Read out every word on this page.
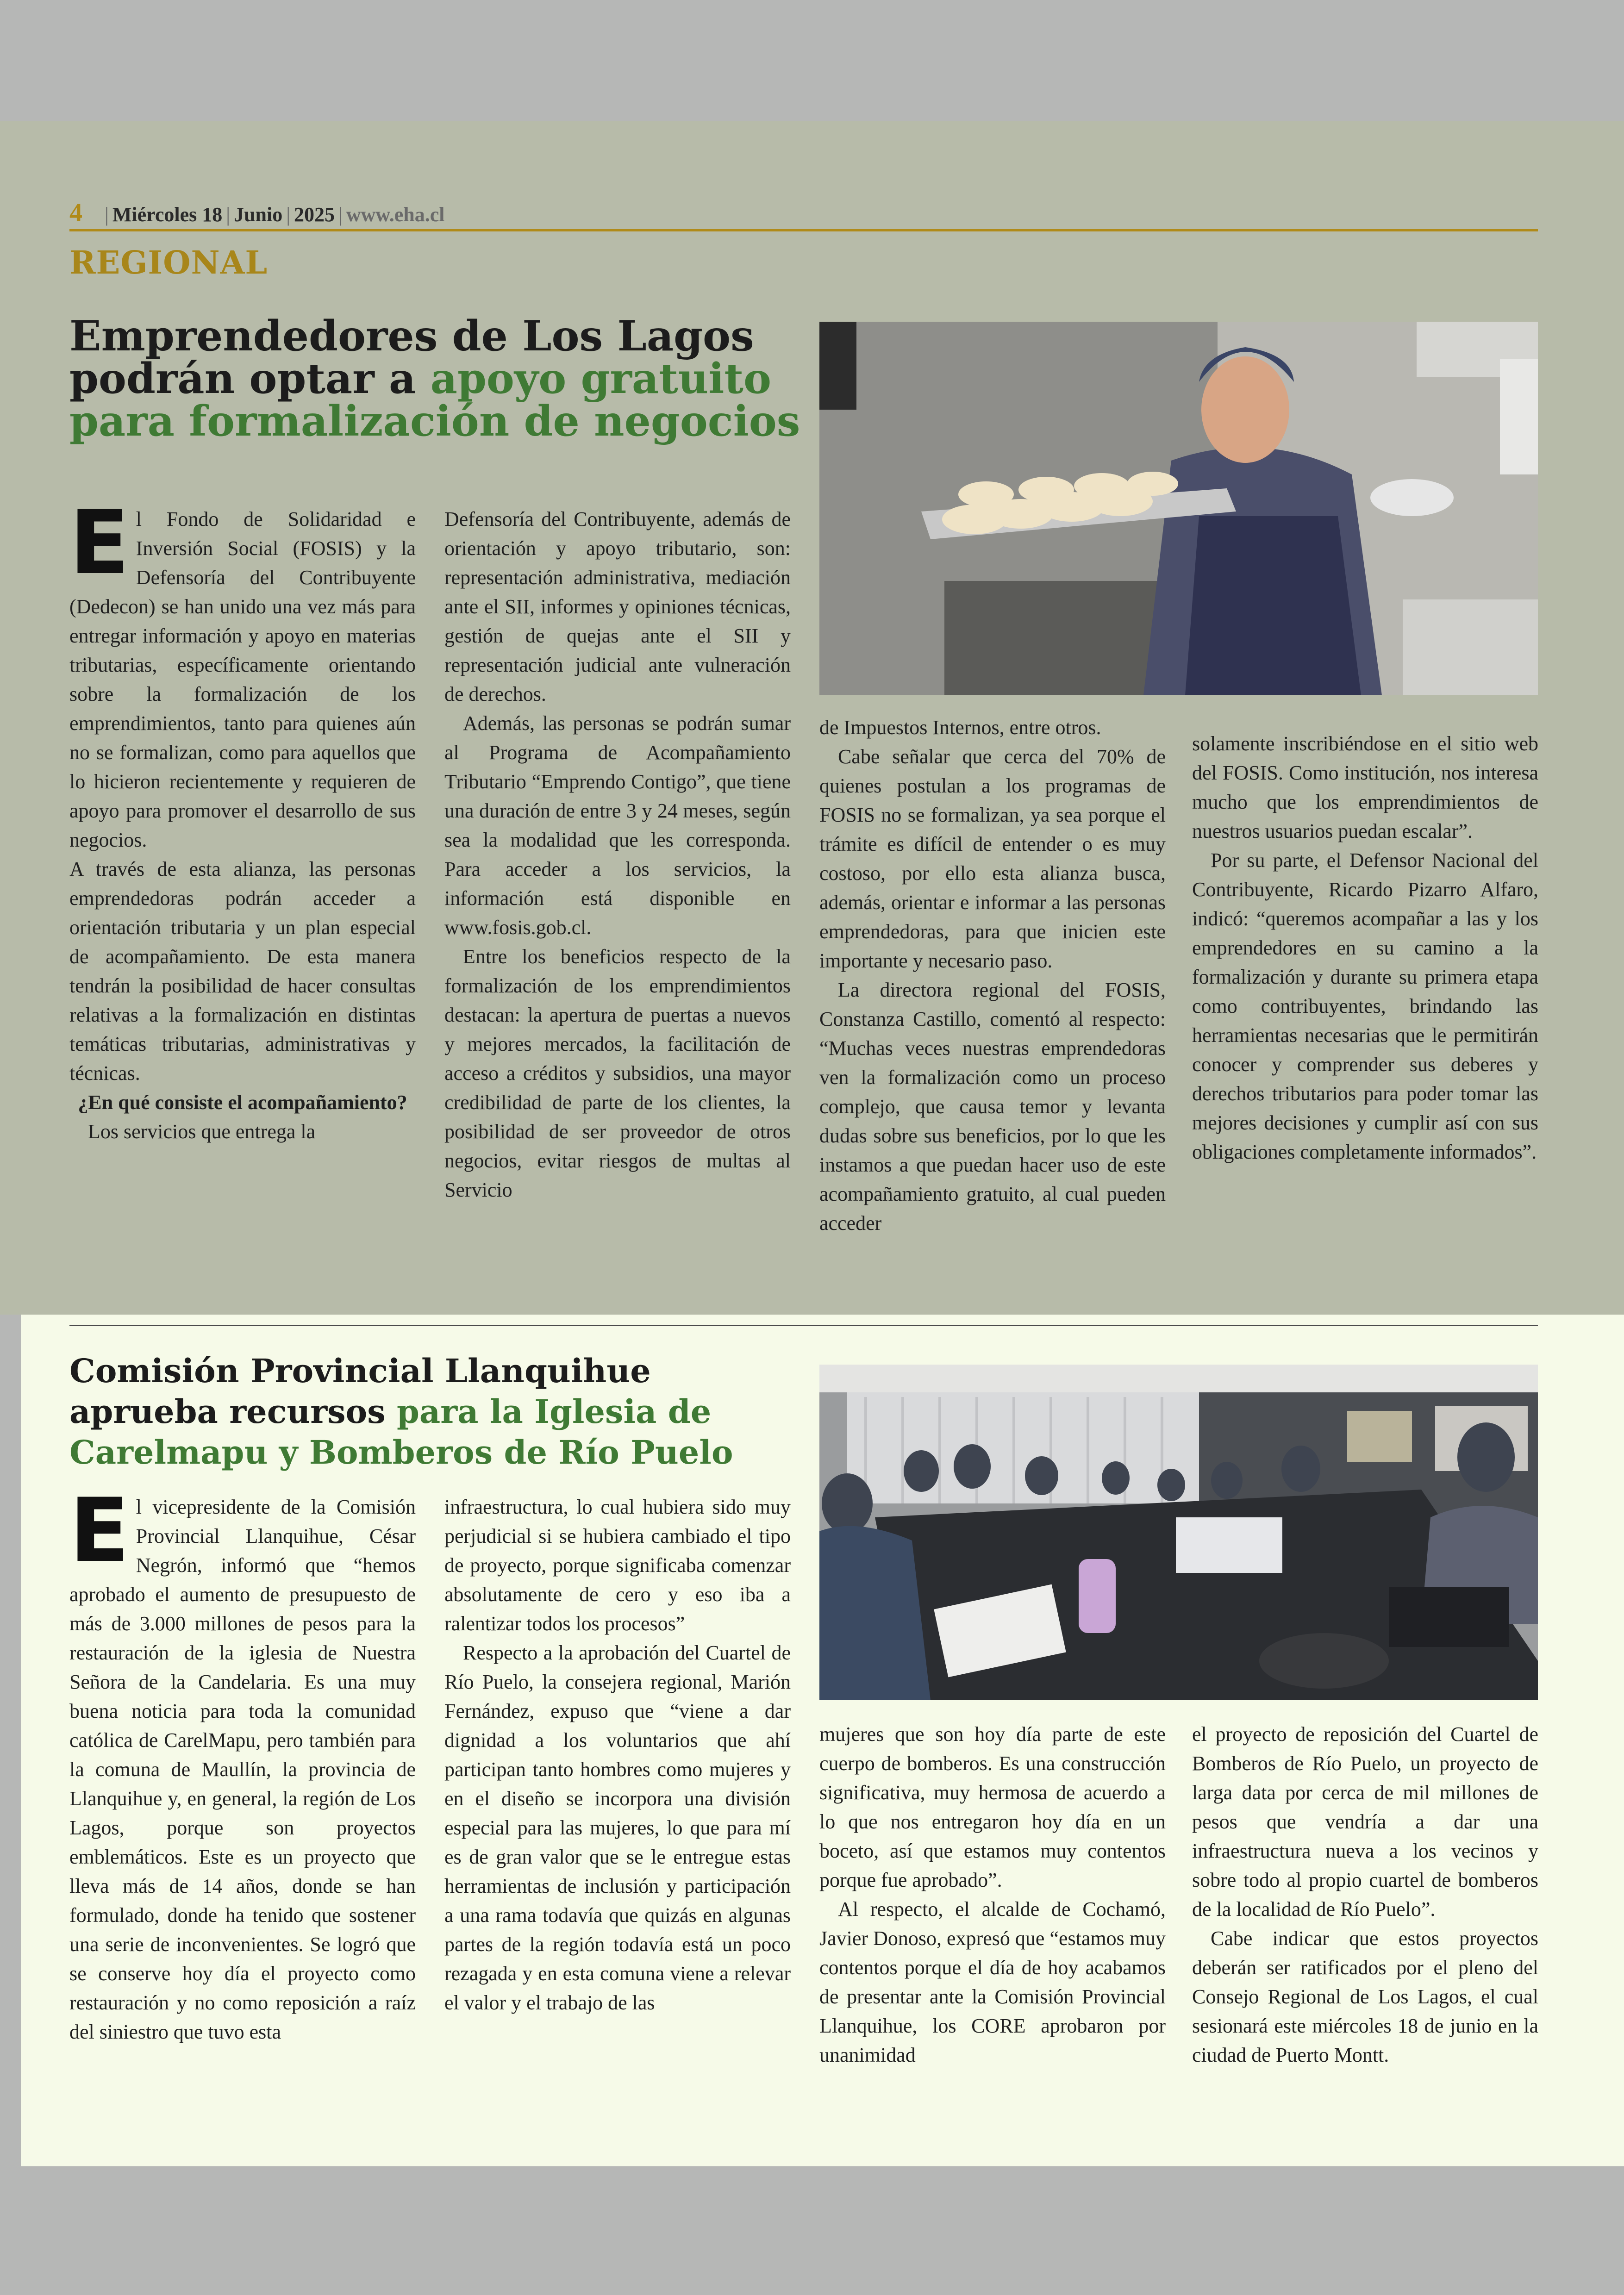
4 | Miércoles 18 | Junio | 2025 | www.eha.cl
REGIONAL
Emprendedores de Los Lagos podrán optar a apoyo gratuito para formalización de negocios

El Fondo de Solidaridad e Inversión Social (FOSIS) y la Defensoría del Contribuyente (Dedecon) se han unido una vez más para entregar información y apoyo en materias tributarias, específicamente orientando sobre la formalización de los emprendimientos, tanto para quienes aún no se formalizan, como para aquellos que lo hicieron recientemente y requieren de apoyo para promover el desarrollo de sus negocios.

A través de esta alianza, las personas emprendedoras podrán acceder a orientación tributaria y un plan especial de acompañamiento. De esta manera tendrán la posibilidad de hacer consultas relativas a la formalización en distintas temáticas tributarias, administrativas y técnicas.

¿En qué consiste el acompañamiento?

Los servicios que entrega la

Defensoría del Contribuyente, además de orientación y apoyo tributario, son: representación administrativa, mediación ante el SII, informes y opiniones técnicas, gestión de quejas ante el SII y representación judicial ante vulneración de derechos.

Además, las personas se podrán sumar al Programa de Acompañamiento Tributario “Emprendo Contigo”, que tiene una duración de entre 3 y 24 meses, según sea la modalidad que les corresponda. Para acceder a los servicios, la información está disponible en www.fosis.gob.cl.

Entre los beneficios respecto de la formalización de los emprendimientos destacan: la apertura de puertas a nuevos y mejores mercados, la facilitación de acceso a créditos y subsidios, una mayor credibilidad de parte de los clientes, la posibilidad de ser proveedor de otros negocios, evitar riesgos de multas al Servicio

de Impuestos Internos, entre otros.

Cabe señalar que cerca del 70% de quienes postulan a los programas de FOSIS no se formalizan, ya sea porque el trámite es difícil de entender o es muy costoso, por ello esta alianza busca, además, orientar e informar a las personas emprendedoras, para que inicien este importante y necesario paso.

La directora regional del FOSIS, Constanza Castillo, comentó al respecto: “Muchas veces nuestras emprendedoras ven la formalización como un proceso complejo, que causa temor y levanta dudas sobre sus beneficios, por lo que les instamos a que puedan hacer uso de este acompañamiento gratuito, al cual pueden acceder

solamente inscribiéndose en el sitio web del FOSIS. Como institución, nos interesa mucho que los emprendimientos de nuestros usuarios puedan escalar”.

Por su parte, el Defensor Nacional del Contribuyente, Ricardo Pizarro Alfaro, indicó: “queremos acompañar a las y los emprendedores en su camino a la formalización y durante su primera etapa como contribuyentes, brindando las herramientas necesarias que le permitirán conocer y comprender sus deberes y derechos tributarios para poder tomar las mejores decisiones y cumplir así con sus obligaciones completamente informados”.

Comisión Provincial Llanquihue aprueba recursos para la Iglesia de Carelmapu y Bomberos de Río Puelo

El vicepresidente de la Comisión Provincial Llanquihue, César Negrón, informó que “hemos aprobado el aumento de presupuesto de más de 3.000 millones de pesos para la restauración de la iglesia de Nuestra Señora de la Candelaria. Es una muy buena noticia para toda la comunidad católica de CarelMapu, pero también para la comuna de Maullín, la provincia de Llanquihue y, en general, la región de Los Lagos, porque son proyectos emblemáticos. Este es un proyecto que lleva más de 14 años, donde se han formulado, donde ha tenido que sostener una serie de inconvenientes. Se logró que se conserve hoy día el proyecto como restauración y no como reposición a raíz del siniestro que tuvo esta

infraestructura, lo cual hubiera sido muy perjudicial si se hubiera cambiado el tipo de proyecto, porque significaba comenzar absolutamente de cero y eso iba a ralentizar todos los procesos”

Respecto a la aprobación del Cuartel de Río Puelo, la consejera regional, Marión Fernández, expuso que “viene a dar dignidad a los voluntarios que ahí participan tanto hombres como mujeres y en el diseño se incorpora una división especial para las mujeres, lo que para mí es de gran valor que se le entregue estas herramientas de inclusión y participación a una rama todavía que quizás en algunas partes de la región todavía está un poco rezagada y en esta comuna viene a relevar el valor y el trabajo de las

mujeres que son hoy día parte de este cuerpo de bomberos. Es una construcción significativa, muy hermosa de acuerdo a lo que nos entregaron hoy día en un boceto, así que estamos muy contentos porque fue aprobado”.

Al respecto, el alcalde de Cochamó, Javier Donoso, expresó que “estamos muy contentos porque el día de hoy acabamos de presentar ante la Comisión Provincial Llanquihue, los CORE aprobaron por unanimidad

el proyecto de reposición del Cuartel de Bomberos de Río Puelo, un proyecto de larga data por cerca de mil millones de pesos que vendría a dar una infraestructura nueva a los vecinos y sobre todo al propio cuartel de bomberos de la localidad de Río Puelo”.

Cabe indicar que estos proyectos deberán ser ratificados por el pleno del Consejo Regional de Los Lagos, el cual sesionará este miércoles 18 de junio en la ciudad de Puerto Montt.
